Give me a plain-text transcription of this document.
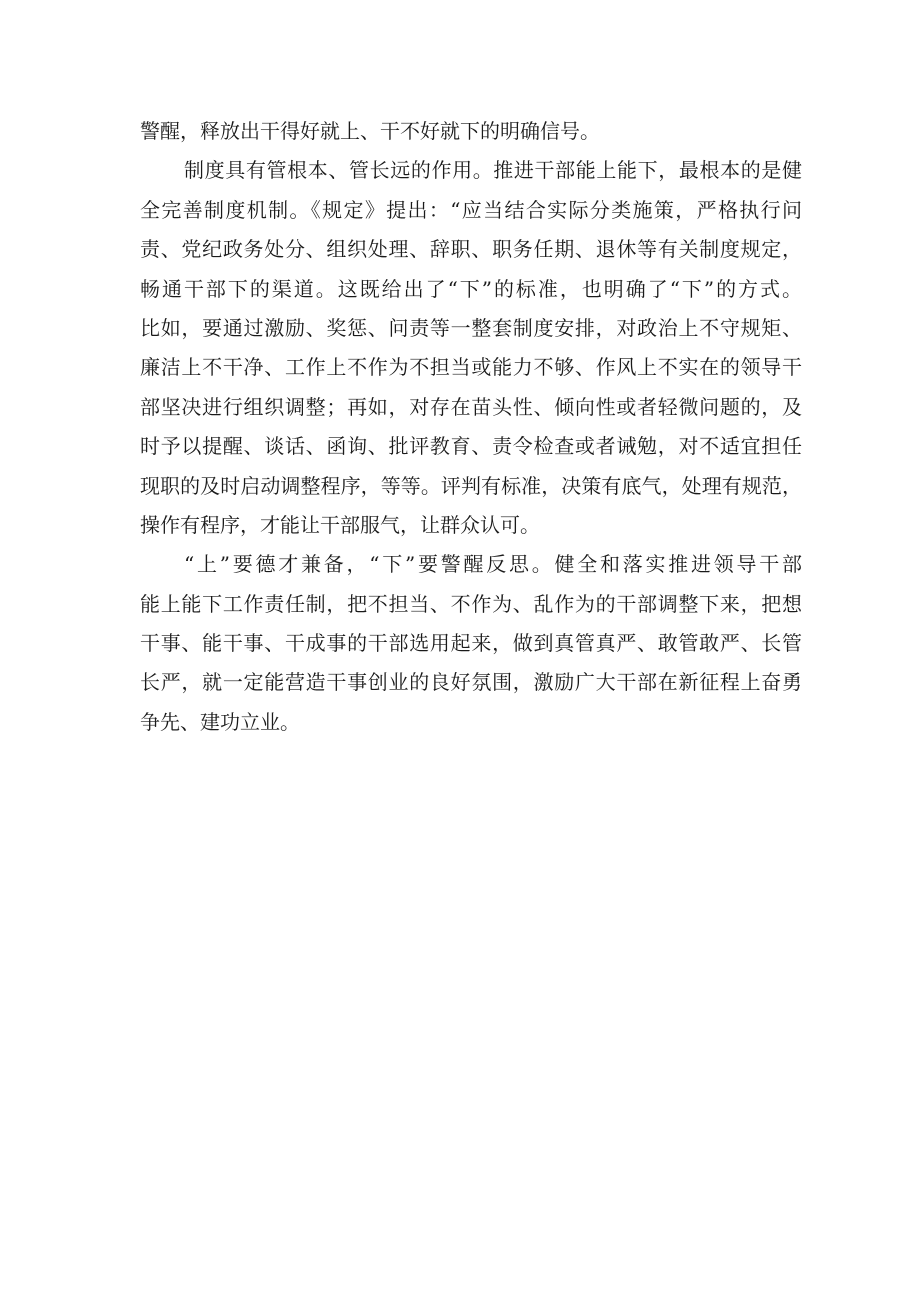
警醒，释放出干得好就上、干不好就下的明确信号。
制度具有管根本、管长远的作用。推进干部能上能下，最根本的是健
全完善制度机制。《规定》提出：“应当结合实际分类施策，严格执行问
责、党纪政务处分、组织处理、辞职、职务任期、退休等有关制度规定，
畅通干部下的渠道。这既给出了“下”的标准，也明确了“下”的方式。
比如，要通过激励、奖惩、问责等一整套制度安排，对政治上不守规矩、
廉洁上不干净、工作上不作为不担当或能力不够、作风上不实在的领导干
部坚决进行组织调整；再如，对存在苗头性、倾向性或者轻微问题的，及
时予以提醒、谈话、函询、批评教育、责令检查或者诫勉，对不适宜担任
现职的及时启动调整程序，等等。评判有标准，决策有底气，处理有规范，
操作有程序，才能让干部服气，让群众认可。
“上”要德才兼备，“下”要警醒反思。健全和落实推进领导干部
能上能下工作责任制，把不担当、不作为、乱作为的干部调整下来，把想
干事、能干事、干成事的干部选用起来，做到真管真严、敢管敢严、长管
长严，就一定能营造干事创业的良好氛围，激励广大干部在新征程上奋勇
争先、建功立业。
